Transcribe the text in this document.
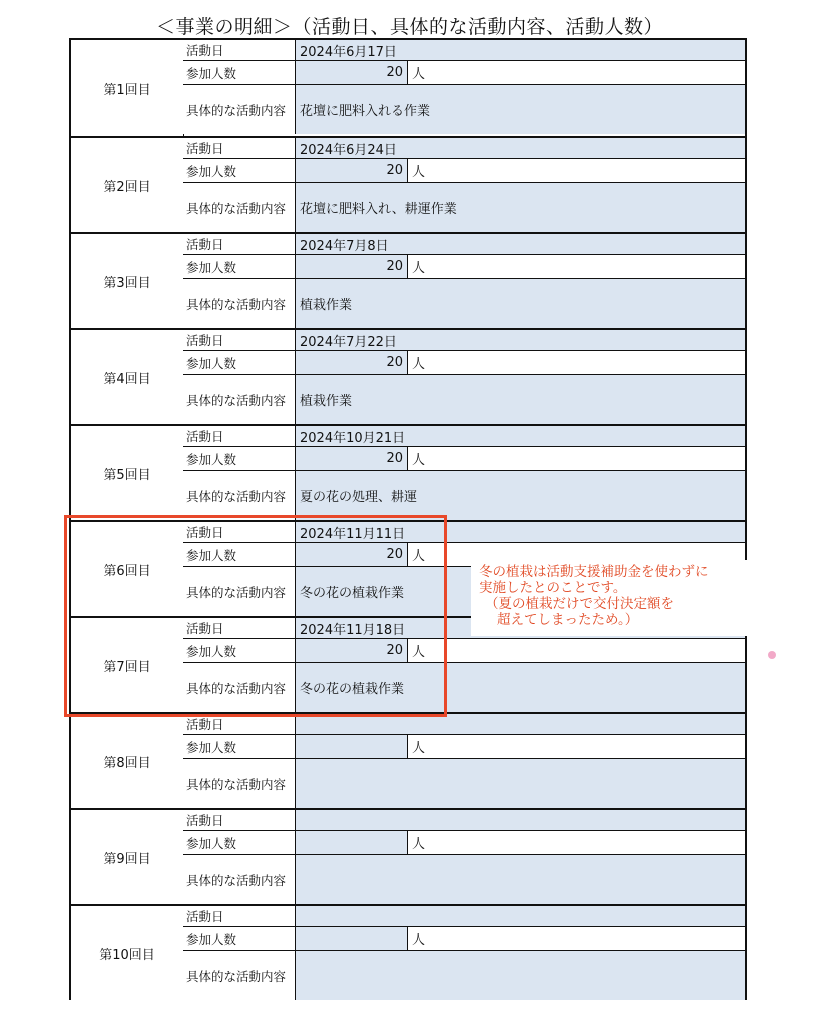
＜事業の明細＞（活動日、具体的な活動内容、活動人数）
第1回目
活動日	2024年6月17日
参加人数	20 人
具体的な活動内容	花壇に肥料入れる作業
第2回目
活動日	2024年6月24日
参加人数	20 人
具体的な活動内容	花壇に肥料入れ、耕運作業
第3回目
活動日	2024年7月8日
参加人数	20 人
具体的な活動内容	植栽作業
第4回目
活動日	2024年7月22日
参加人数	20 人
具体的な活動内容	植栽作業
第5回目
活動日	2024年10月21日
参加人数	20 人
具体的な活動内容	夏の花の処理、耕運
第6回目
活動日	2024年11月11日
参加人数	20 人
具体的な活動内容	冬の花の植栽作業
第7回目
活動日	2024年11月18日
参加人数	20 人
具体的な活動内容	冬の花の植栽作業
第8回目
活動日
参加人数	人
具体的な活動内容
第9回目
活動日
参加人数	人
具体的な活動内容
第10回目
活動日
参加人数	人
具体的な活動内容
冬の植栽は活動支援補助金を使わずに
実施したとのことです。
（夏の植栽だけで交付決定額を
超えてしまったため。）
